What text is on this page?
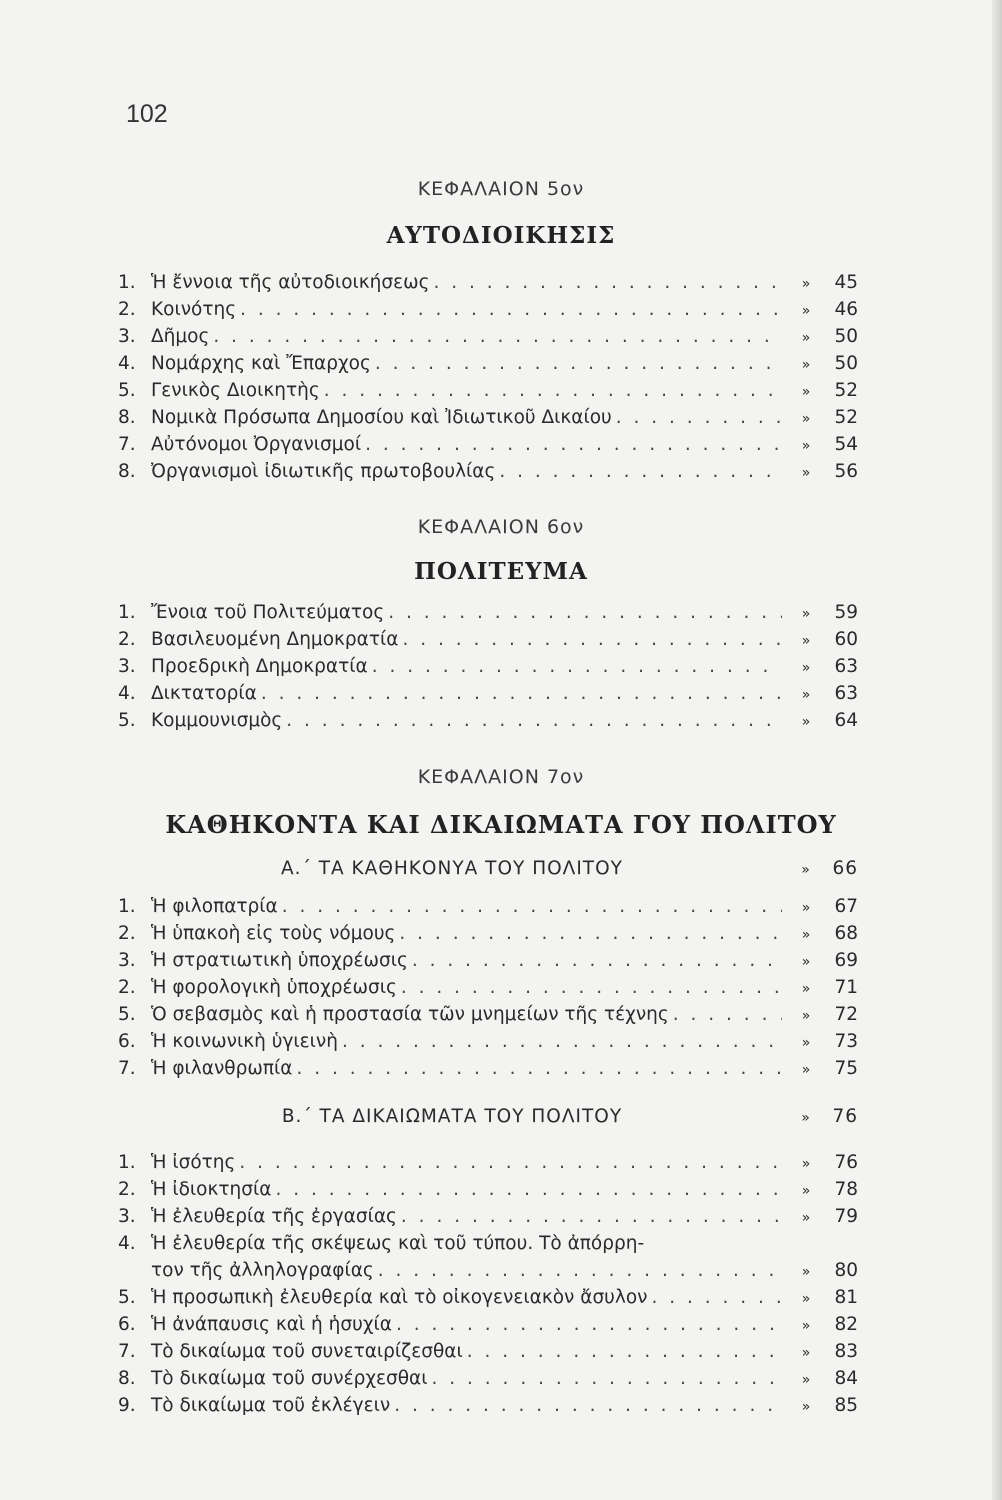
102
ΚΕΦΑΛΑΙΟΝ 5ον
ΑΥΤΟΔΙΟΙΚΗΣΙΣ
1. Ἡ ἔννοια τῆς αὐτοδιοικήσεως . . .	»	45
2. Κοινότης . . .	»	46
3. Δῆμος . . .	»	50
4. Νομάρχης καὶ Ἔπαρχος . . .	»	50
5. Γενικὸς Διοικητὴς . . .	»	52
8. Νομικὰ Πρόσωπα Δημοσίου καὶ Ἰδιωτικοῦ Δικαίου . . .	»	52
7. Αὐτόνομοι Ὀργανισμοί . . .	»	54
8. Ὀργανισμοὶ ἰδιωτικῆς πρωτοβουλίας . . .	»	56
ΚΕΦΑΛΑΙΟΝ 6ον
ΠΟΛΙΤΕΥΜΑ
1. Ἔνοια τοῦ Πολιτεύματος . . .	»	59
2. Βασιλευομένη Δημοκρατία . . .	»	60
3. Προεδρικὴ Δημοκρατία . . .	»	63
4. Δικτατορία . . .	»	63
5. Κομμουνισμὸς . . .	»	64
ΚΕΦΑΛΑΙΟΝ 7ον
ΚΑΘΗΚΟΝΤΑ ΚΑΙ ΔΙΚΑΙΩΜΑΤΑ ΓΟΥ ΠΟΛΙΤΟΥ
Α.΄ ΤΑ ΚΑΘΗΚΟΝΥΑ ΤΟΥ ΠΟΛΙΤΟΥ	»	66
1. Ἡ φιλοπατρία . . .	»	67
2. Ἡ ὑπακοὴ εἰς τοὺς νόμους . . .	»	68
3. Ἡ στρατιωτικὴ ὑποχρέωσις . . .	»	69
2. Ἡ φορολογικὴ ὑποχρέωσις . . .	»	71
5. Ὁ σεβασμὸς καὶ ἡ προστασία τῶν μνημείων τῆς τέχνης . . .	»	72
6. Ἡ κοινωνικὴ ὑγιεινὴ . . .	»	73
7. Ἡ φιλανθρωπία . . .	»	75
Β.΄ ΤΑ ΔΙΚΑΙΩΜΑΤΑ ΤΟΥ ΠΟΛΙΤΟΥ	»	76
1. Ἡ ἰσότης . . .	»	76
2. Ἡ ἰδιοκτησία . . .	»	78
3. Ἡ ἐλευθερία τῆς ἐργασίας . . .	»	79
4. Ἡ ἐλευθερία τῆς σκέψεως καὶ τοῦ τύπου. Τὸ ἀπόρρη-
τον τῆς ἀλληλογραφίας . . .	»	80
5. Ἡ προσωπικὴ ἐλευθερία καὶ τὸ οἰκογενειακὸν ἄσυλον . . .	»	81
6. Ἡ ἀνάπαυσις καὶ ἡ ἡσυχία . . .	»	82
7. Τὸ δικαίωμα τοῦ συνεταιρίζεσθαι . . .	»	83
8. Τὸ δικαίωμα τοῦ συνέρχεσθαι . . .	»	84
9. Τὸ δικαίωμα τοῦ ἐκλέγειν . . .	»	85
